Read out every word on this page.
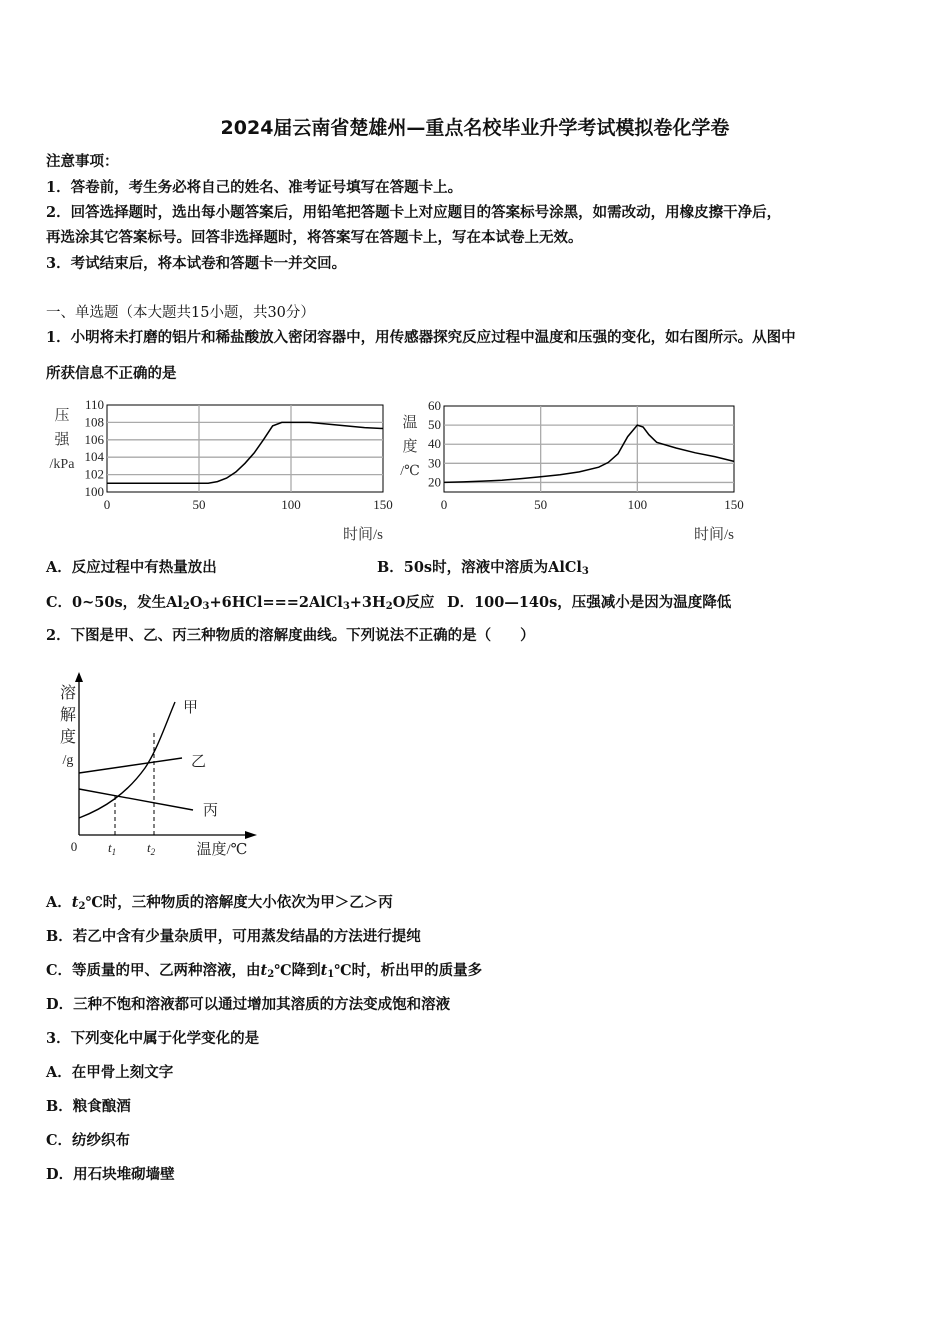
2024届云南省楚雄州—重点名校毕业升学考试模拟卷化学卷
注意事项：
1．答卷前，考生务必将自己的姓名、准考证号填写在答题卡上。
2．回答选择题时，选出每小题答案后，用铅笔把答题卡上对应题目的答案标号涂黑，如需改动，用橡皮擦干净后，
再选涂其它答案标号。回答非选择题时，将答案写在答题卡上，写在本试卷上无效。
3．考试结束后，将本试卷和答题卡一并交回。
一、单选题（本大题共15小题，共30分）
1．小明将未打磨的铝片和稀盐酸放入密闭容器中，用传感器探究反应过程中温度和压强的变化，如右图所示。从图中
所获信息不正确的是
0	50	100	150
100
102
104
106
108
110
压
强
/kPa
时间/s
0	50	100	150
20
30
40
50
60
温
度
/℃
时间/s
A．反应过程中有热量放出	B．50s时，溶液中溶质为AlCl$_3$
C．0~50s，发生$Al_2O_3+6HCl===2AlCl_3+3H_2O$反应 D．100—140s，压强减小是因为温度降低
2．下图是甲、乙、丙三种物质的溶解度曲线。下列说法不正确的是（　　）
溶
解
度
/g
0	温度/℃
$t_1$ $t_2$
甲
乙
丙
A．$t_2℃$时，三种物质的溶解度大小依次为甲＞乙＞丙
B．若乙中含有少量杂质甲，可用蒸发结晶的方法进行提纯
C．等质量的甲、乙两种溶液，由$t_2℃$降到$t_1℃$时，析出甲的质量多
D．三种不饱和溶液都可以通过增加其溶质的方法变成饱和溶液
3．下列变化中属于化学变化的是
A．在甲骨上刻文字
B．粮食酿酒
C．纺纱织布
D．用石块堆砌墙壁
